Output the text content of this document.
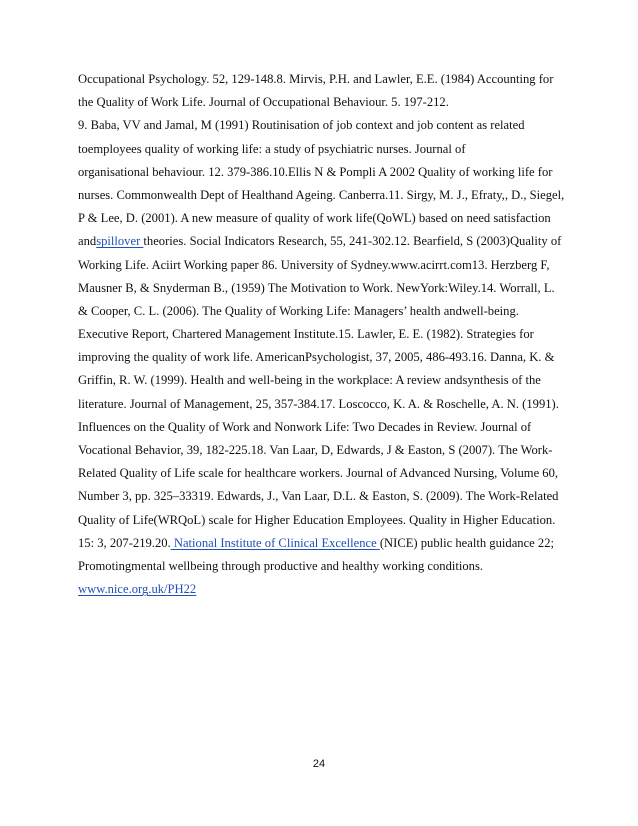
Occupational Psychology. 52, 129-148.8. Mirvis, P.H. and Lawler, E.E. (1984) Accounting for
the Quality of Work Life. Journal of Occupational Behaviour. 5. 197-212.
9. Baba, VV and Jamal, M (1991) Routinisation of job context and job content as related
toemployees quality of working life: a study of psychiatric nurses. Journal of
organisational behaviour. 12. 379-386.10.Ellis N & Pompli A 2002 Quality of working life for
nurses. Commonwealth Dept of Healthand Ageing. Canberra.11. Sirgy, M. J., Efraty,, D., Siegel,
P & Lee, D. (2001). A new measure of quality of work life(QoWL) based on need satisfaction
andspillover theories. Social Indicators Research, 55, 241-302.12. Bearfield, S (2003)Quality of
Working Life. Aciirt Working paper 86. University of Sydney.www.acirrt.com13. Herzberg F,
Mausner B, & Snyderman B., (1959) The Motivation to Work. NewYork:Wiley.14. Worrall, L.
& Cooper, C. L. (2006). The Quality of Working Life: Managers’ health andwell-being.
Executive Report, Chartered Management Institute.15. Lawler, E. E. (1982). Strategies for
improving the quality of work life. AmericanPsychologist, 37, 2005, 486-493.16. Danna, K. &
Griffin, R. W. (1999). Health and well-being in the workplace: A review andsynthesis of the
literature. Journal of Management, 25, 357-384.17. Loscocco, K. A. & Roschelle, A. N. (1991).
Influences on the Quality of Work and Nonwork Life: Two Decades in Review. Journal of
Vocational Behavior, 39, 182-225.18. Van Laar, D, Edwards, J & Easton, S (2007). The Work-
Related Quality of Life scale for healthcare workers. Journal of Advanced Nursing, Volume 60,
Number 3, pp. 325–33319. Edwards, J., Van Laar, D.L. & Easton, S. (2009). The Work-Related
Quality of Life(WRQoL) scale for Higher Education Employees. Quality in Higher Education.
15: 3, 207-219.20. National Institute of Clinical Excellence (NICE) public health guidance 22;
Promotingmental wellbeing through productive and healthy working conditions.
www.nice.org.uk/PH22
24
